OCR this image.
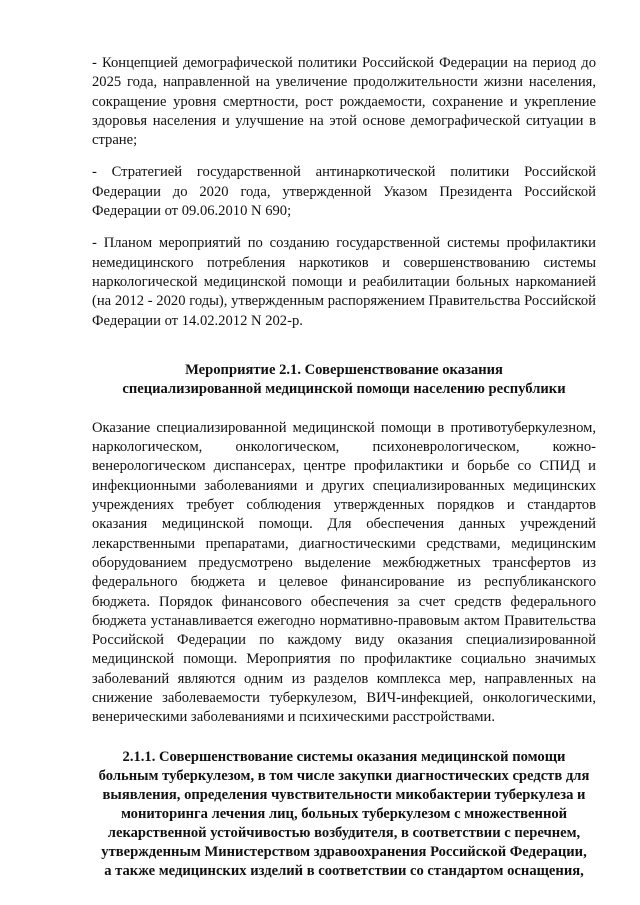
- Концепцией демографической политики Российской Федерации на период до 2025 года, направленной на увеличение продолжительности жизни населения, сокращение уровня смертности, рост рождаемости, сохранение и укрепление здоровья населения и улучшение на этой основе демографической ситуации в стране;

- Стратегией государственной антинаркотической политики Российской Федерации до 2020 года, утвержденной Указом Президента Российской Федерации от 09.06.2010 N 690;

- Планом мероприятий по созданию государственной системы профилактики немедицинского потребления наркотиков и совершенствованию системы наркологической медицинской помощи и реабилитации больных наркоманией (на 2012 - 2020 годы), утвержденным распоряжением Правительства Российской Федерации от 14.02.2012 N 202-р.

Мероприятие 2.1. Совершенствование оказания
специализированной медицинской помощи населению республики

Оказание специализированной медицинской помощи в противотуберкулезном, наркологическом, онкологическом, психоневрологическом, кожно-венерологическом диспансерах, центре профилактики и борьбе со СПИД и инфекционными заболеваниями и других специализированных медицинских учреждениях требует соблюдения утвержденных порядков и стандартов оказания медицинской помощи. Для обеспечения данных учреждений лекарственными препаратами, диагностическими средствами, медицинским оборудованием предусмотрено выделение межбюджетных трансфертов из федерального бюджета и целевое финансирование из республиканского бюджета. Порядок финансового обеспечения за счет средств федерального бюджета устанавливается ежегодно нормативно-правовым актом Правительства Российской Федерации по каждому виду оказания специализированной медицинской помощи. Мероприятия по профилактике социально значимых заболеваний являются одним из разделов комплекса мер, направленных на снижение заболеваемости туберкулезом, ВИЧ-инфекцией, онкологическими, венерическими заболеваниями и психическими расстройствами.

2.1.1. Совершенствование системы оказания медицинской помощи больным туберкулезом, в том числе закупки диагностических средств для выявления, определения чувствительности микобактерии туберкулеза и мониторинга лечения лиц, больных туберкулезом с множественной лекарственной устойчивостью возбудителя, в соответствии с перечнем, утвержденным Министерством здравоохранения Российской Федерации, а также медицинских изделий в соответствии со стандартом оснащения,
